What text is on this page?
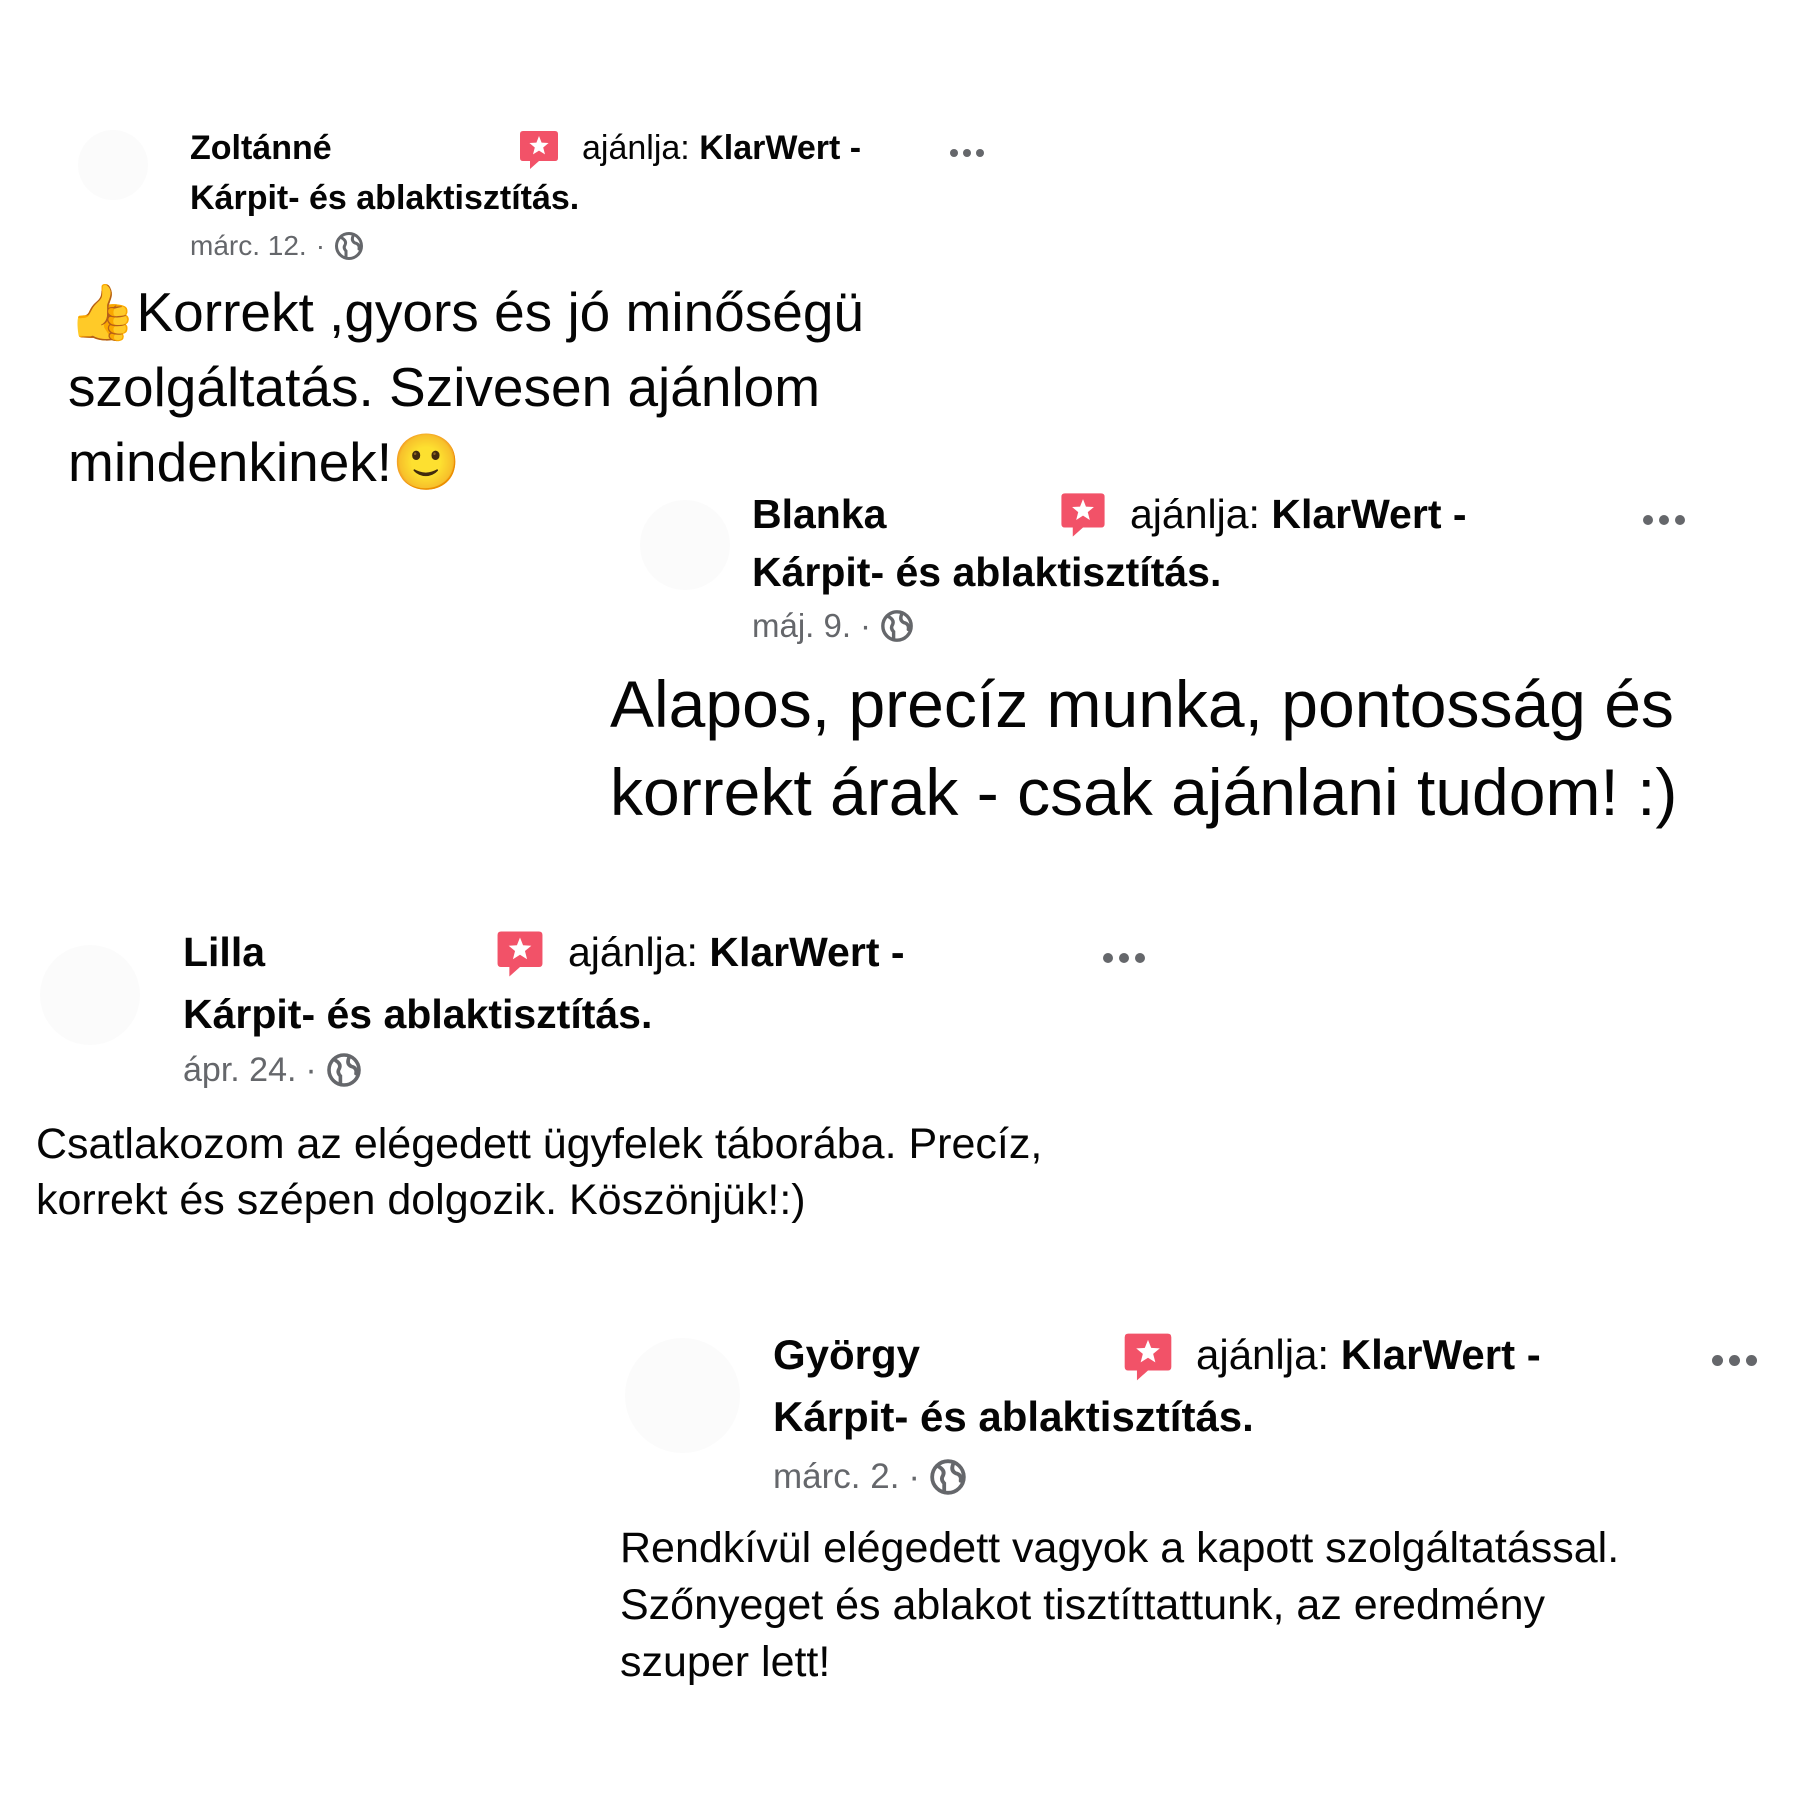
Zoltánné	ajánlja: KlarWert -
Kárpit- és ablaktisztítás.
márc. 12. ·

👍Korrekt ,gyors és jó minőségü

szolgáltatás. Szivesen ajánlom

mindenkinek!🙂

Blanka	ajánlja: KlarWert -
Kárpit- és ablaktisztítás.
máj. 9. ·

Alapos, precíz munka, pontosság és

korrekt árak - csak ajánlani tudom! :)

Lilla	ajánlja: KlarWert -
Kárpit- és ablaktisztítás.
ápr. 24. ·

Csatlakozom az elégedett ügyfelek táborába. Precíz,

korrekt és szépen dolgozik. Köszönjük!:)

György	ajánlja: KlarWert -
Kárpit- és ablaktisztítás.

Rendkívül elégedett vagyok a kapott szolgáltatással.

Szőnyeget és ablakot tisztíttattunk, az eredmény

szuper lett!

márc. 2. ·
